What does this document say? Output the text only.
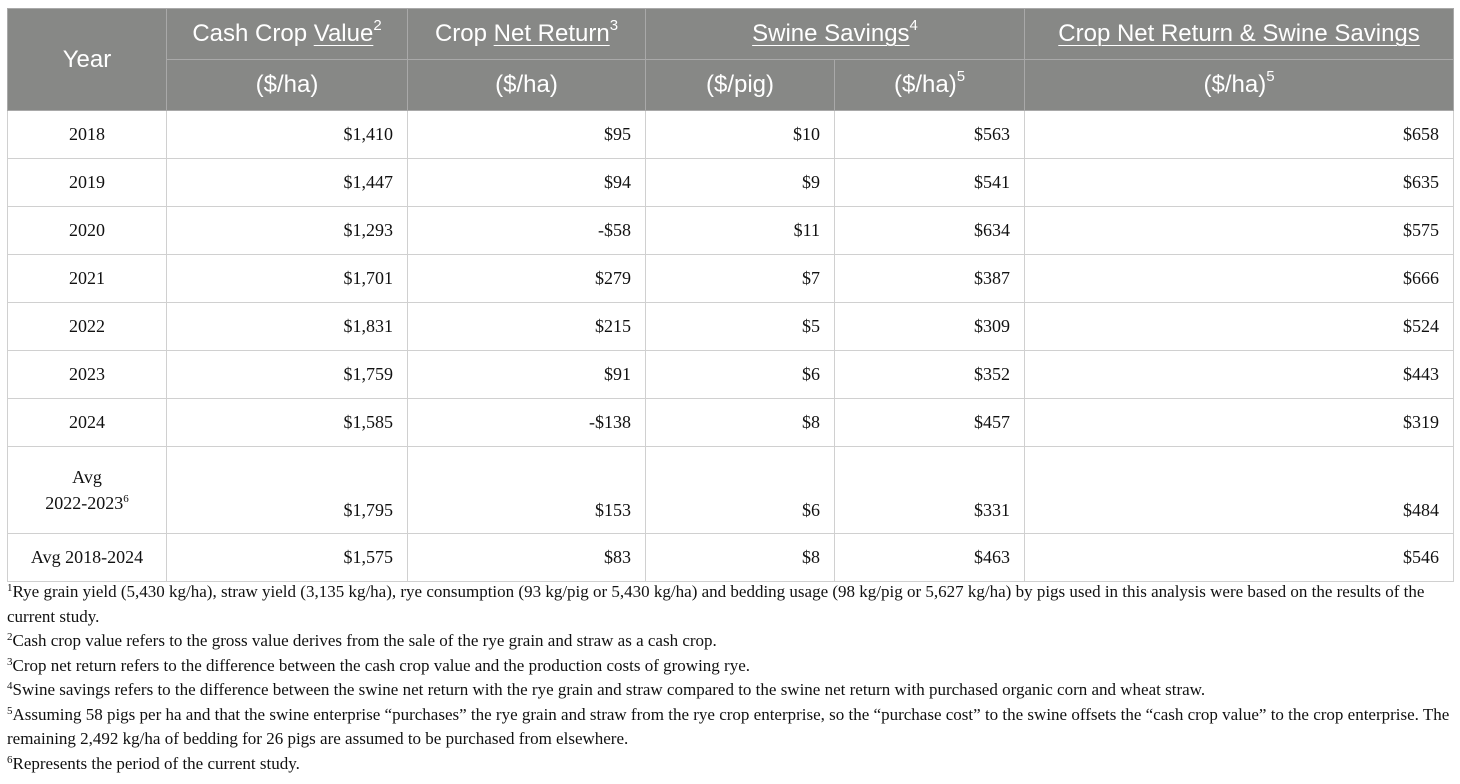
Year	Cash Crop Value$^2$	Crop Net Return$^3$	Swine Savings$^4$		Crop Net Return & Swine Savings
	($/ha)	($/ha)	($/pig)	($/ha)$^5$	($/ha)$^5$
2018	$1,410	$95	$10	$563	$658
2019	$1,447	$94	$9	$541	$635
2020	$1,293	-$58	$11	$634	$575
2021	$1,701	$279	$7	$387	$666
2022	$1,831	$215	$5	$309	$524
2023	$1,759	$91	$6	$352	$443
2024	$1,585	-$138	$8	$457	$319
Avg
2022-2023$^6$	$1,795	$153	$6	$331	$484
Avg 2018-2024	$1,575	$83	$8	$463	$546

$^1$Rye grain yield (5,430 kg/ha), straw yield (3,135 kg/ha), rye consumption (93 kg/pig or 5,430 kg/ha) and bedding usage (98 kg/pig or 5,627 kg/ha) by pigs used in this analysis were based on the results of the current study.

$^2$Cash crop value refers to the gross value derives from the sale of the rye grain and straw as a cash crop.

$^3$Crop net return refers to the difference between the cash crop value and the production costs of growing rye.

$^4$Swine savings refers to the difference between the swine net return with the rye grain and straw compared to the swine net return with purchased organic corn and wheat straw.

$^5$Assuming 58 pigs per ha and that the swine enterprise “purchases” the rye grain and straw from the rye crop enterprise, so the “purchase cost” to the swine offsets the “cash crop value” to the crop enterprise. The remaining 2,492 kg/ha of bedding for 26 pigs are assumed to be purchased from elsewhere.

$^6$Represents the period of the current study.
